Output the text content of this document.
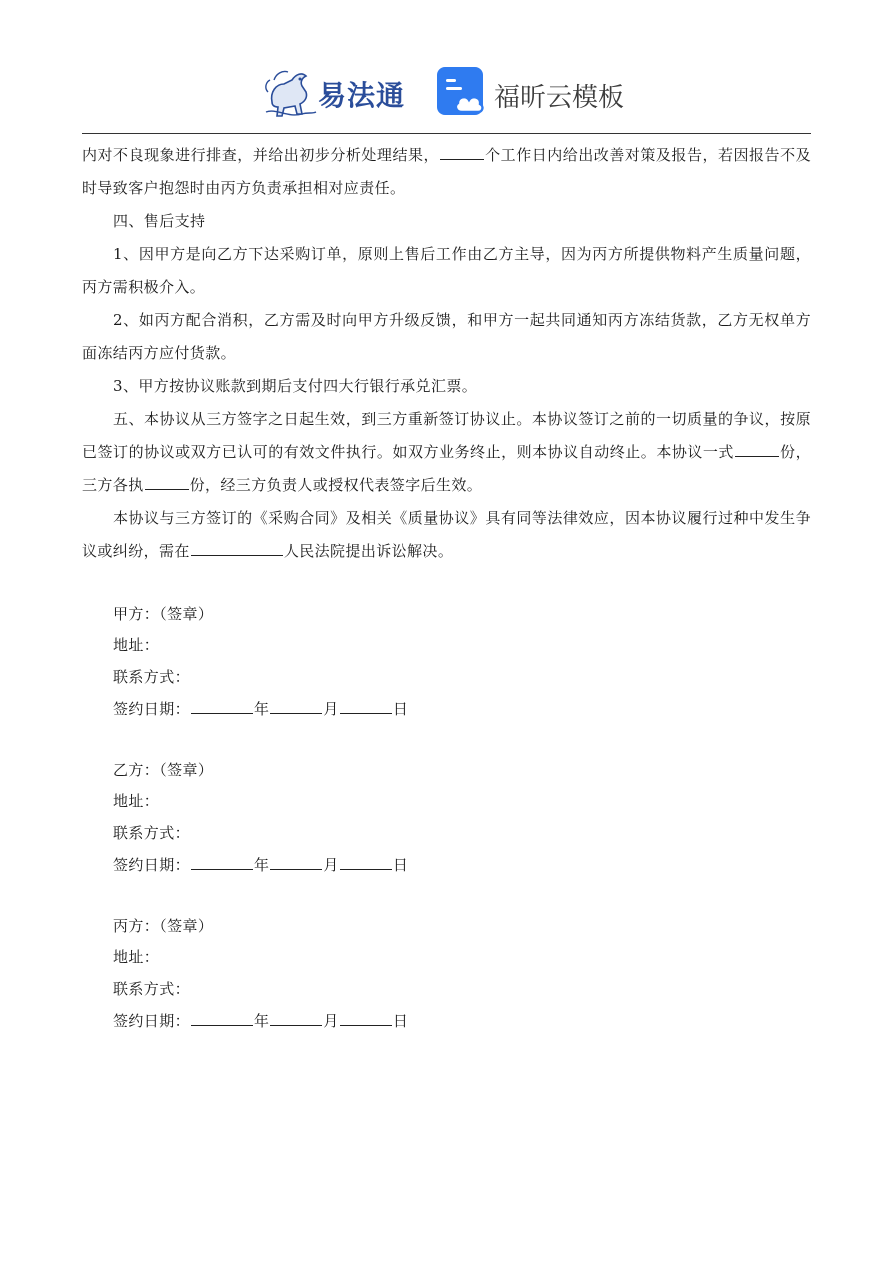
易法通	福昕云模板

内对不良现象进行排查，并给出初步分析处理结果，	个工作日内给出改善对策及报告，若因报告不及时导致客户抱怨时由丙方负责承担相对应责任。

四、售后支持

1、因甲方是向乙方下达采购订单，原则上售后工作由乙方主导，因为丙方所提供物料产生质量问题，丙方需积极介入。

2、如丙方配合消积，乙方需及时向甲方升级反馈，和甲方一起共同通知丙方冻结货款，乙方无权单方面冻结丙方应付货款。

3、甲方按协议账款到期后支付四大行银行承兑汇票。

五、本协议从三方签字之日起生效，到三方重新签订协议止。本协议签订之前的一切质量的争议，按原已签订的协议或双方已认可的有效文件执行。如双方业务终止，则本协议自动终止。本协议一式	份，三方各执	份，经三方负责人或授权代表签字后生效。

本协议与三方签订的《采购合同》及相关《质量协议》具有同等法律效应，因本协议履行过种中发生争议或纠纷，需在	人民法院提出诉讼解决。

甲方：（签章）
地址：
联系方式：
签约日期：	年	月	日
乙方：（签章）
地址：
联系方式：
签约日期：	年	月	日
丙方：（签章）
地址：
联系方式：
签约日期：	年	月	日
